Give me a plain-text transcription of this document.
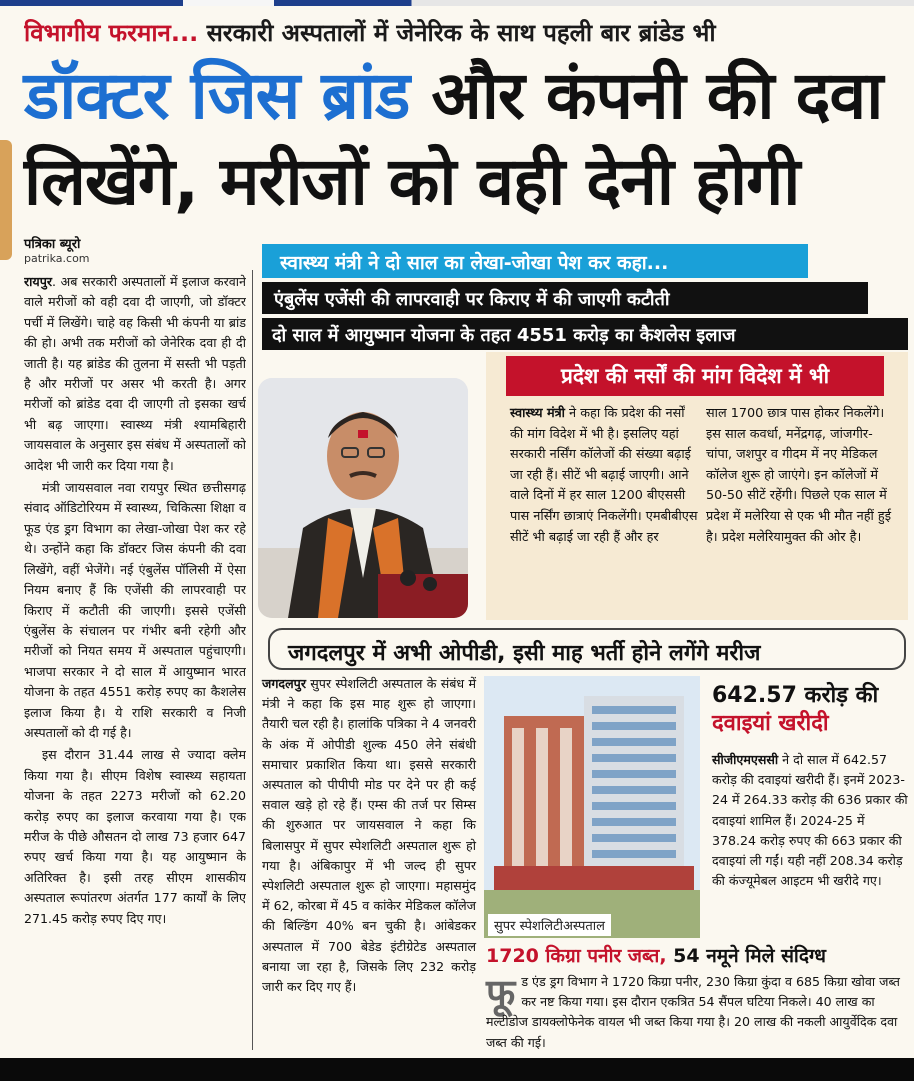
विभागीय फरमान... सरकारी अस्पतालों में जेनेरिक के साथ पहली बार ब्रांडेड भी
डॉक्टर जिस ब्रांड और कंपनी की दवा
लिखेंगे, मरीजों को वही देनी होगी
पत्रिका ब्यूरो
patrika.com	स्वास्थ्य मंत्री ने दो साल का लेखा-जोखा पेश कर कहा...
एंबुलेंस एजेंसी की लापरवाही पर किराए में की जाएगी कटौती
दो साल में आयुष्मान योजना के तहत 4551 करोड़ का कैशलेस इलाज

रायपुर. अब सरकारी अस्पतालों में इलाज करवाने वाले मरीजों को वही दवा दी जाएगी, जो डॉक्टर पर्ची में लिखेंगे। चाहे वह किसी भी कंपनी या ब्रांड की हो। अभी तक मरीजों को जेनेरिक दवा ही दी जाती है। यह ब्रांडेड की तुलना में सस्ती भी पड़ती है और मरीजों पर असर भी करती है। अगर मरीजों को ब्रांडेड दवा दी जाएगी तो इसका खर्च भी बढ़ जाएगा। स्वास्थ्य मंत्री श्यामबिहारी जायसवाल के अनुसार इस संबंध में अस्पतालों को आदेश भी जारी कर दिया गया है।

मंत्री जायसवाल नवा रायपुर स्थित छत्तीसगढ़ संवाद ऑडिटोरियम में स्वास्थ्य, चिकित्सा शिक्षा व फूड एंड ड्रग विभाग का लेखा-जोखा पेश कर रहे थे। उन्होंने कहा कि डॉक्टर जिस कंपनी की दवा लिखेंगे, वहीं भेजेंगे। नई एंबुलेंस पॉलिसी में ऐसा नियम बनाए हैं कि एजेंसी की लापरवाही पर किराए में कटौती की जाएगी। इससे एजेंसी एंबुलेंस के संचालन पर गंभीर बनी रहेगी और मरीजों को नियत समय में अस्पताल पहुंचाएगी। भाजपा सरकार ने दो साल में आयुष्मान भारत योजना के तहत 4551 करोड़ रुपए का कैशलेस इलाज किया है। ये राशि सरकारी व निजी अस्पतालों को दी गई है।

इस दौरान 31.44 लाख से ज्यादा क्लेम किया गया है। सीएम विशेष स्वास्थ्य सहायता योजना के तहत 2273 मरीजों को 62.20 करोड़ रुपए का इलाज करवाया गया है। एक मरीज के पीछे औसतन दो लाख 73 हजार 647 रुपए खर्च किया गया है। यह आयुष्मान के अतिरिक्त है। इसी तरह सीएम शासकीय अस्पताल रूपांतरण अंतर्गत 177 कार्यों के लिए 271.45 करोड़ रुपए दिए गए।

प्रदेश की नर्सों की मांग विदेश में भी
स्वास्थ्य मंत्री ने कहा कि प्रदेश की नर्सों की मांग विदेश में भी है। इसलिए यहां सरकारी नर्सिंग कॉलेजों की संख्या बढ़ाई जा रही हैं। सीटें भी बढ़ाई जाएगी। आने वाले दिनों में हर साल 1200 बीएससी पास नर्सिंग छात्राएं निकलेंगी। एमबीबीएस सीटें भी बढ़ाई जा रही हैं और हर
साल 1700 छात्र पास होकर निकलेंगे। इस साल कवर्धा, मनेंद्रगढ़, जांजगीर-चांपा, जशपुर व गीदम में नए मेडिकल कॉलेज शुरू हो जाएंगे। इन कॉलेजों में 50-50 सीटें रहेंगी। पिछले एक साल में प्रदेश में मलेरिया से एक भी मौत नहीं हुई है। प्रदेश मलेरियामुक्त की ओर है।
जगदलपुर में अभी ओपीडी, इसी माह भर्ती होने लगेंगे मरीज
जगदलपुर सुपर स्पेशलिटी अस्पताल के संबंध में मंत्री ने कहा कि इस माह शुरू हो जाएगा। तैयारी चल रही है। हालांकि पत्रिका ने 4 जनवरी के अंक में ओपीडी शुल्क 450 लेने संबंधी समाचार प्रकाशित किया था। इससे सरकारी अस्पताल को पीपीपी मोड पर देने पर ही कई सवाल खड़े हो रहे हैं। एम्स की तर्ज पर सिम्स की शुरुआत पर जायसवाल ने कहा कि बिलासपुर में सुपर स्पेशलिटी अस्पताल शुरू हो गया है। अंबिकापुर में भी जल्द ही सुपर स्पेशलिटी अस्पताल शुरू हो जाएगा। महासमुंद में 62, कोरबा में 45 व कांकेर मेडिकल कॉलेज की बिल्डिंग 40% बन चुकी है। आंबेडकर अस्पताल में 700 बेडेड इंटीग्रेटेड अस्पताल बनाया जा रहा है, जिसके लिए 232 करोड़ जारी कर दिए गए हैं।
सुपर स्पेशलिटीअस्पताल
642.57 करोड़ की
दवाइयां खरीदी
सीजीएमएससी ने दो साल में 642.57 करोड़ की दवाइयां खरीदी हैं। इनमें 2023-24 में 264.33 करोड़ की 636 प्रकार की दवाइयां शामिल हैं। 2024-25 में 378.24 करोड़ रुपए की 663 प्रकार की दवाइयां ली गईं। यही नहीं 208.34 करोड़ की कंज्यूमेबल आइटम भी खरीदे गए।
1720 किग्रा पनीर जब्त, 54 नमूने मिले संदिग्ध
फूड एंड ड्रग विभाग ने 1720 किग्रा पनीर, 230 किग्रा कुंदा व 685 किग्रा खोवा जब्त कर नष्ट किया गया। इस दौरान एकत्रित 54 सैंपल घटिया निकले। 40 लाख का मल्टीडोज डायक्लोफेनेक वायल भी जब्त किया गया है। 20 लाख की नकली आयुर्वेदिक दवा जब्त की गई।
